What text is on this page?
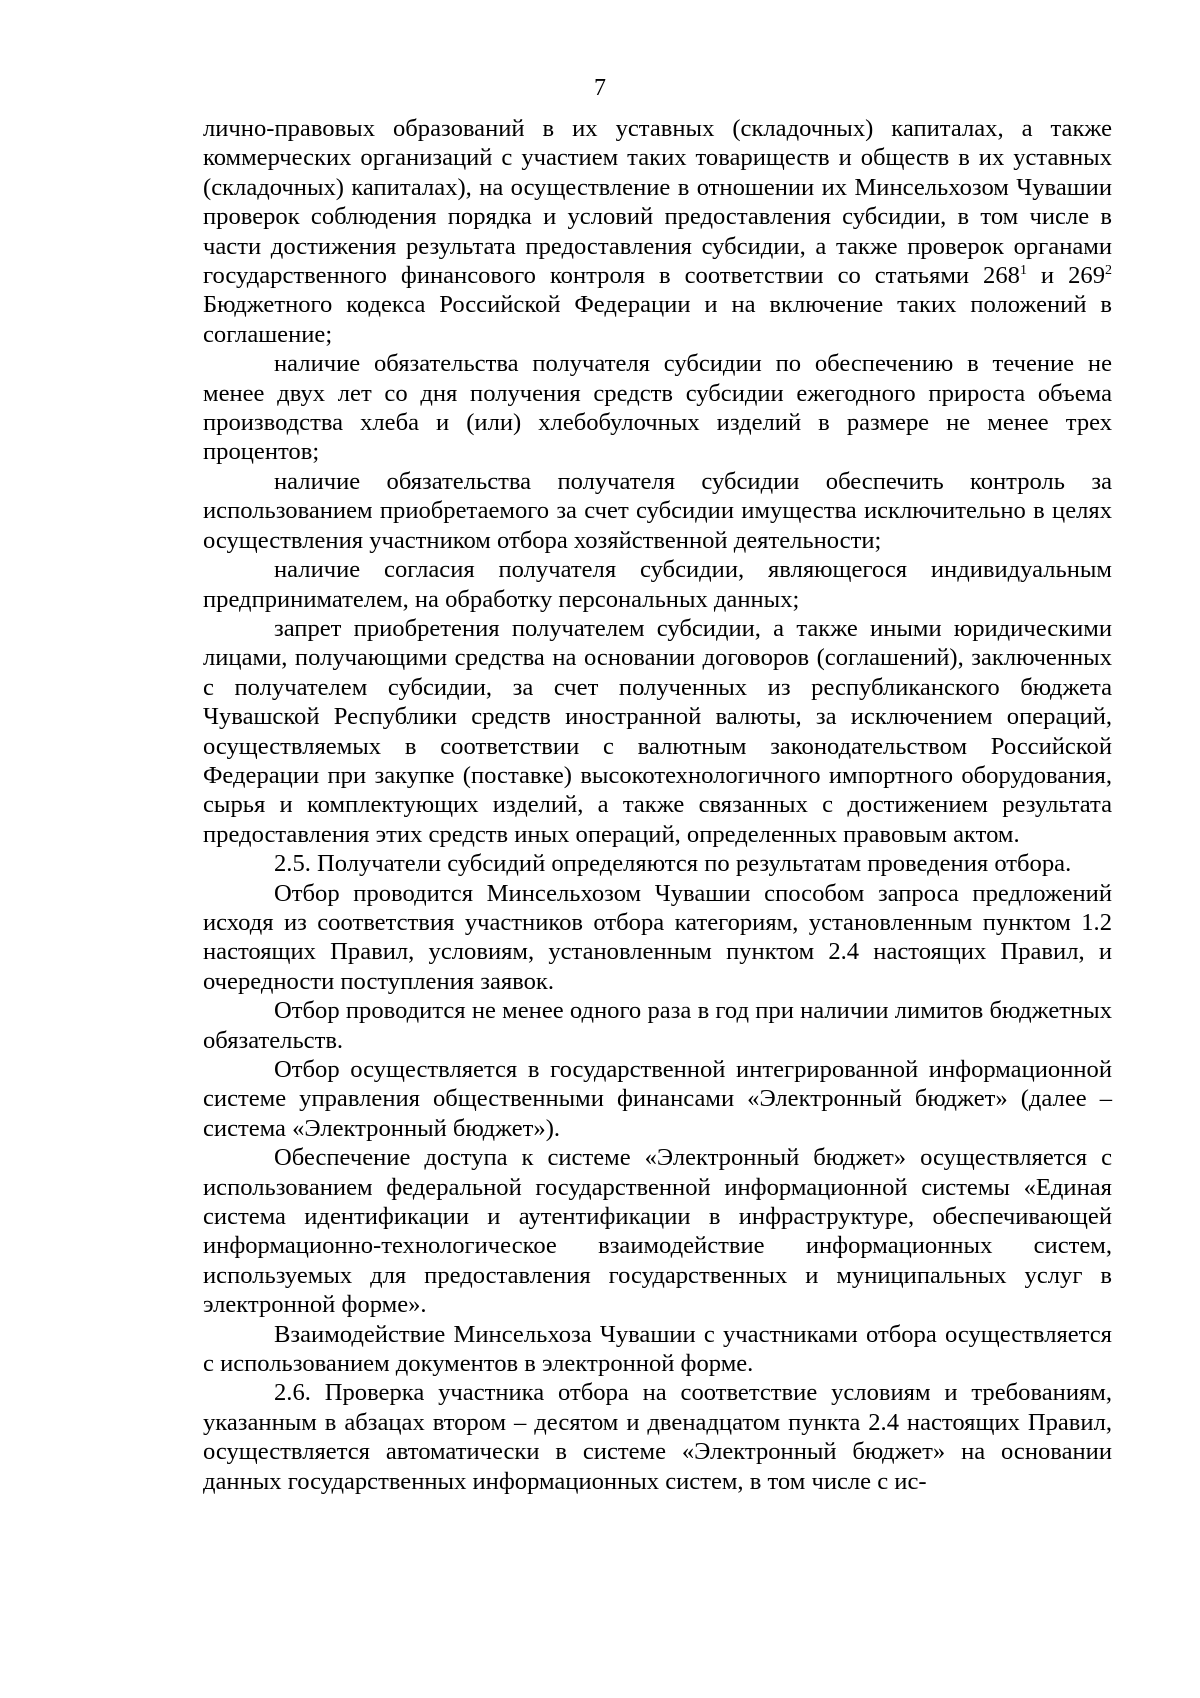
7

лично-правовых образований в их уставных (складочных) капиталах, а также коммерческих организаций с участием таких товариществ и обществ в их уставных (складочных) капиталах), на осуществление в отношении их Минсельхозом Чувашии проверок соблюдения порядка и условий предоставления субсидии, в том числе в части достижения результата предоставления субсидии, а также проверок органами государственного финансового контроля в соответствии со статьями $268^1$ и $269^2$ Бюджетного кодекса Российской Федерации и на включение таких положений в соглашение;

наличие обязательства получателя субсидии по обеспечению в течение не менее двух лет со дня получения средств субсидии ежегодного прироста объема производства хлеба и (или) хлебобулочных изделий в размере не менее трех процентов;

наличие обязательства получателя субсидии обеспечить контроль за использованием приобретаемого за счет субсидии имущества исключительно в целях осуществления участником отбора хозяйственной деятельности;

наличие согласия получателя субсидии, являющегося индивидуальным предпринимателем, на обработку персональных данных;

запрет приобретения получателем субсидии, а также иными юридическими лицами, получающими средства на основании договоров (соглашений), заключенных с получателем субсидии, за счет полученных из республиканского бюджета Чувашской Республики средств иностранной валюты, за исключением операций, осуществляемых в соответствии с валютным законодательством Российской Федерации при закупке (поставке) высокотехнологичного импортного оборудования, сырья и комплектующих изделий, а также связанных с достижением результата предоставления этих средств иных операций, определенных правовым актом.

2.5. Получатели субсидий определяются по результатам проведения отбора.

Отбор проводится Минсельхозом Чувашии способом запроса предложений исходя из соответствия участников отбора категориям, установленным пунктом 1.2 настоящих Правил, условиям, установленным пунктом 2.4 настоящих Правил, и очередности поступления заявок.

Отбор проводится не менее одного раза в год при наличии лимитов бюджетных обязательств.

Отбор осуществляется в государственной интегрированной информационной системе управления общественными финансами «Электронный бюджет» (далее – система «Электронный бюджет»).

Обеспечение доступа к системе «Электронный бюджет» осуществляется с использованием федеральной государственной информационной системы «Единая система идентификации и аутентификации в инфраструктуре, обеспечивающей информационно-технологическое взаимодействие информационных систем, используемых для предоставления государственных и муниципальных услуг в электронной форме».

Взаимодействие Минсельхоза Чувашии с участниками отбора осуществляется с использованием документов в электронной форме.

2.6. Проверка участника отбора на соответствие условиям и требованиям, указанным в абзацах втором – десятом и двенадцатом пункта 2.4 настоящих Правил, осуществляется автоматически в системе «Электронный бюджет» на основании данных государственных информационных систем, в том числе с ис-
